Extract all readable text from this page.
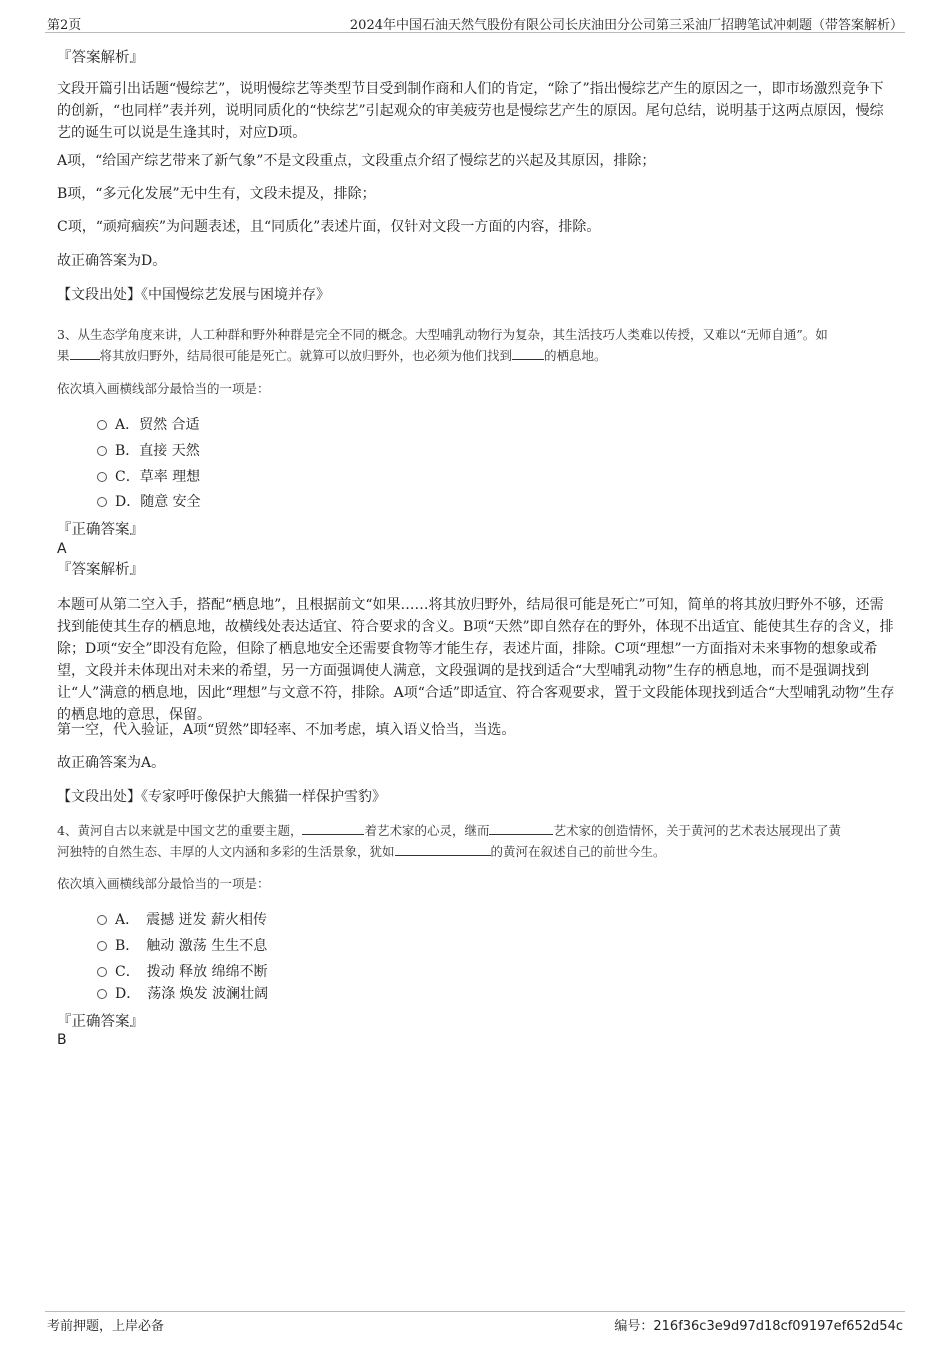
第2页	2024年中国石油天然气股份有限公司长庆油田分公司第三采油厂招聘笔试冲刺题（带答案解析）
『答案解析』
文段开篇引出话题“慢综艺”，说明慢综艺等类型节目受到制作商和人们的肯定，“除了”指出慢综艺产生的原因之一，即市场激烈竞争下的创新，“也同样”表并列，说明同质化的“快综艺”引起观众的审美疲劳也是慢综艺产生的原因。尾句总结，说明基于这两点原因，慢综艺的诞生可以说是生逢其时，对应D项。
A项，“给国产综艺带来了新气象”不是文段重点，文段重点介绍了慢综艺的兴起及其原因，排除；
B项，“多元化发展”无中生有，文段未提及，排除；
C项，“顽疴痼疾”为问题表述，且“同质化”表述片面，仅针对文段一方面的内容，排除。
故正确答案为D。
【文段出处】《中国慢综艺发展与困境并存》
3、从生态学角度来讲，人工种群和野外种群是完全不同的概念。大型哺乳动物行为复杂，其生活技巧人类难以传授，又难以“无师自通”。如
果 将其放归野外，结局很可能是死亡。就算可以放归野外，也必须为他们找到	的栖息地。
依次填入画横线部分最恰当的一项是：
A．贸然 合适
B．直接 天然
C．草率 理想
D．随意 安全
『正确答案』
A
『答案解析』
本题可从第二空入手，搭配“栖息地”，且根据前文“如果……将其放归野外，结局很可能是死亡”可知，简单的将其放归野外不够，还需找到能使其生存的栖息地，故横线处表达适宜、符合要求的含义。B项“天然”即自然存在的野外，体现不出适宜、能使其生存的含义，排除；D项“安全”即没有危险，但除了栖息地安全还需要食物等才能生存，表述片面，排除。C项“理想”一方面指对未来事物的想象或希望，文段并未体现出对未来的希望，另一方面强调使人满意，文段强调的是找到适合“大型哺乳动物”生存的栖息地，而不是强调找到让“人”满意的栖息地，因此“理想”与文意不符，排除。A项“合适”即适宜、符合客观要求，置于文段能体现找到适合“大型哺乳动物”生存的栖息地的意思，保留。
第一空，代入验证，A项“贸然”即轻率、不加考虑，填入语义恰当，当选。
故正确答案为A。
【文段出处】《专家呼吁像保护大熊猫一样保护雪豹》
4、黄河自古以来就是中国文艺的重要主题，	着艺术家的心灵，继而	艺术家的创造情怀，关于黄河的艺术表达展现出了黄
河独特的自然生态、丰厚的人文内涵和多彩的生活景象，犹如	的黄河在叙述自己的前世今生。
依次填入画横线部分最恰当的一项是：
A．　震撼 迸发 薪火相传
B．　触动 激荡 生生不息
C．　拨动 释放 绵绵不断
D．　荡涤 焕发 波澜壮阔
『正确答案』
B
考前押题，上岸必备	编号：216f36c3e9d97d18cf09197ef652d54c
